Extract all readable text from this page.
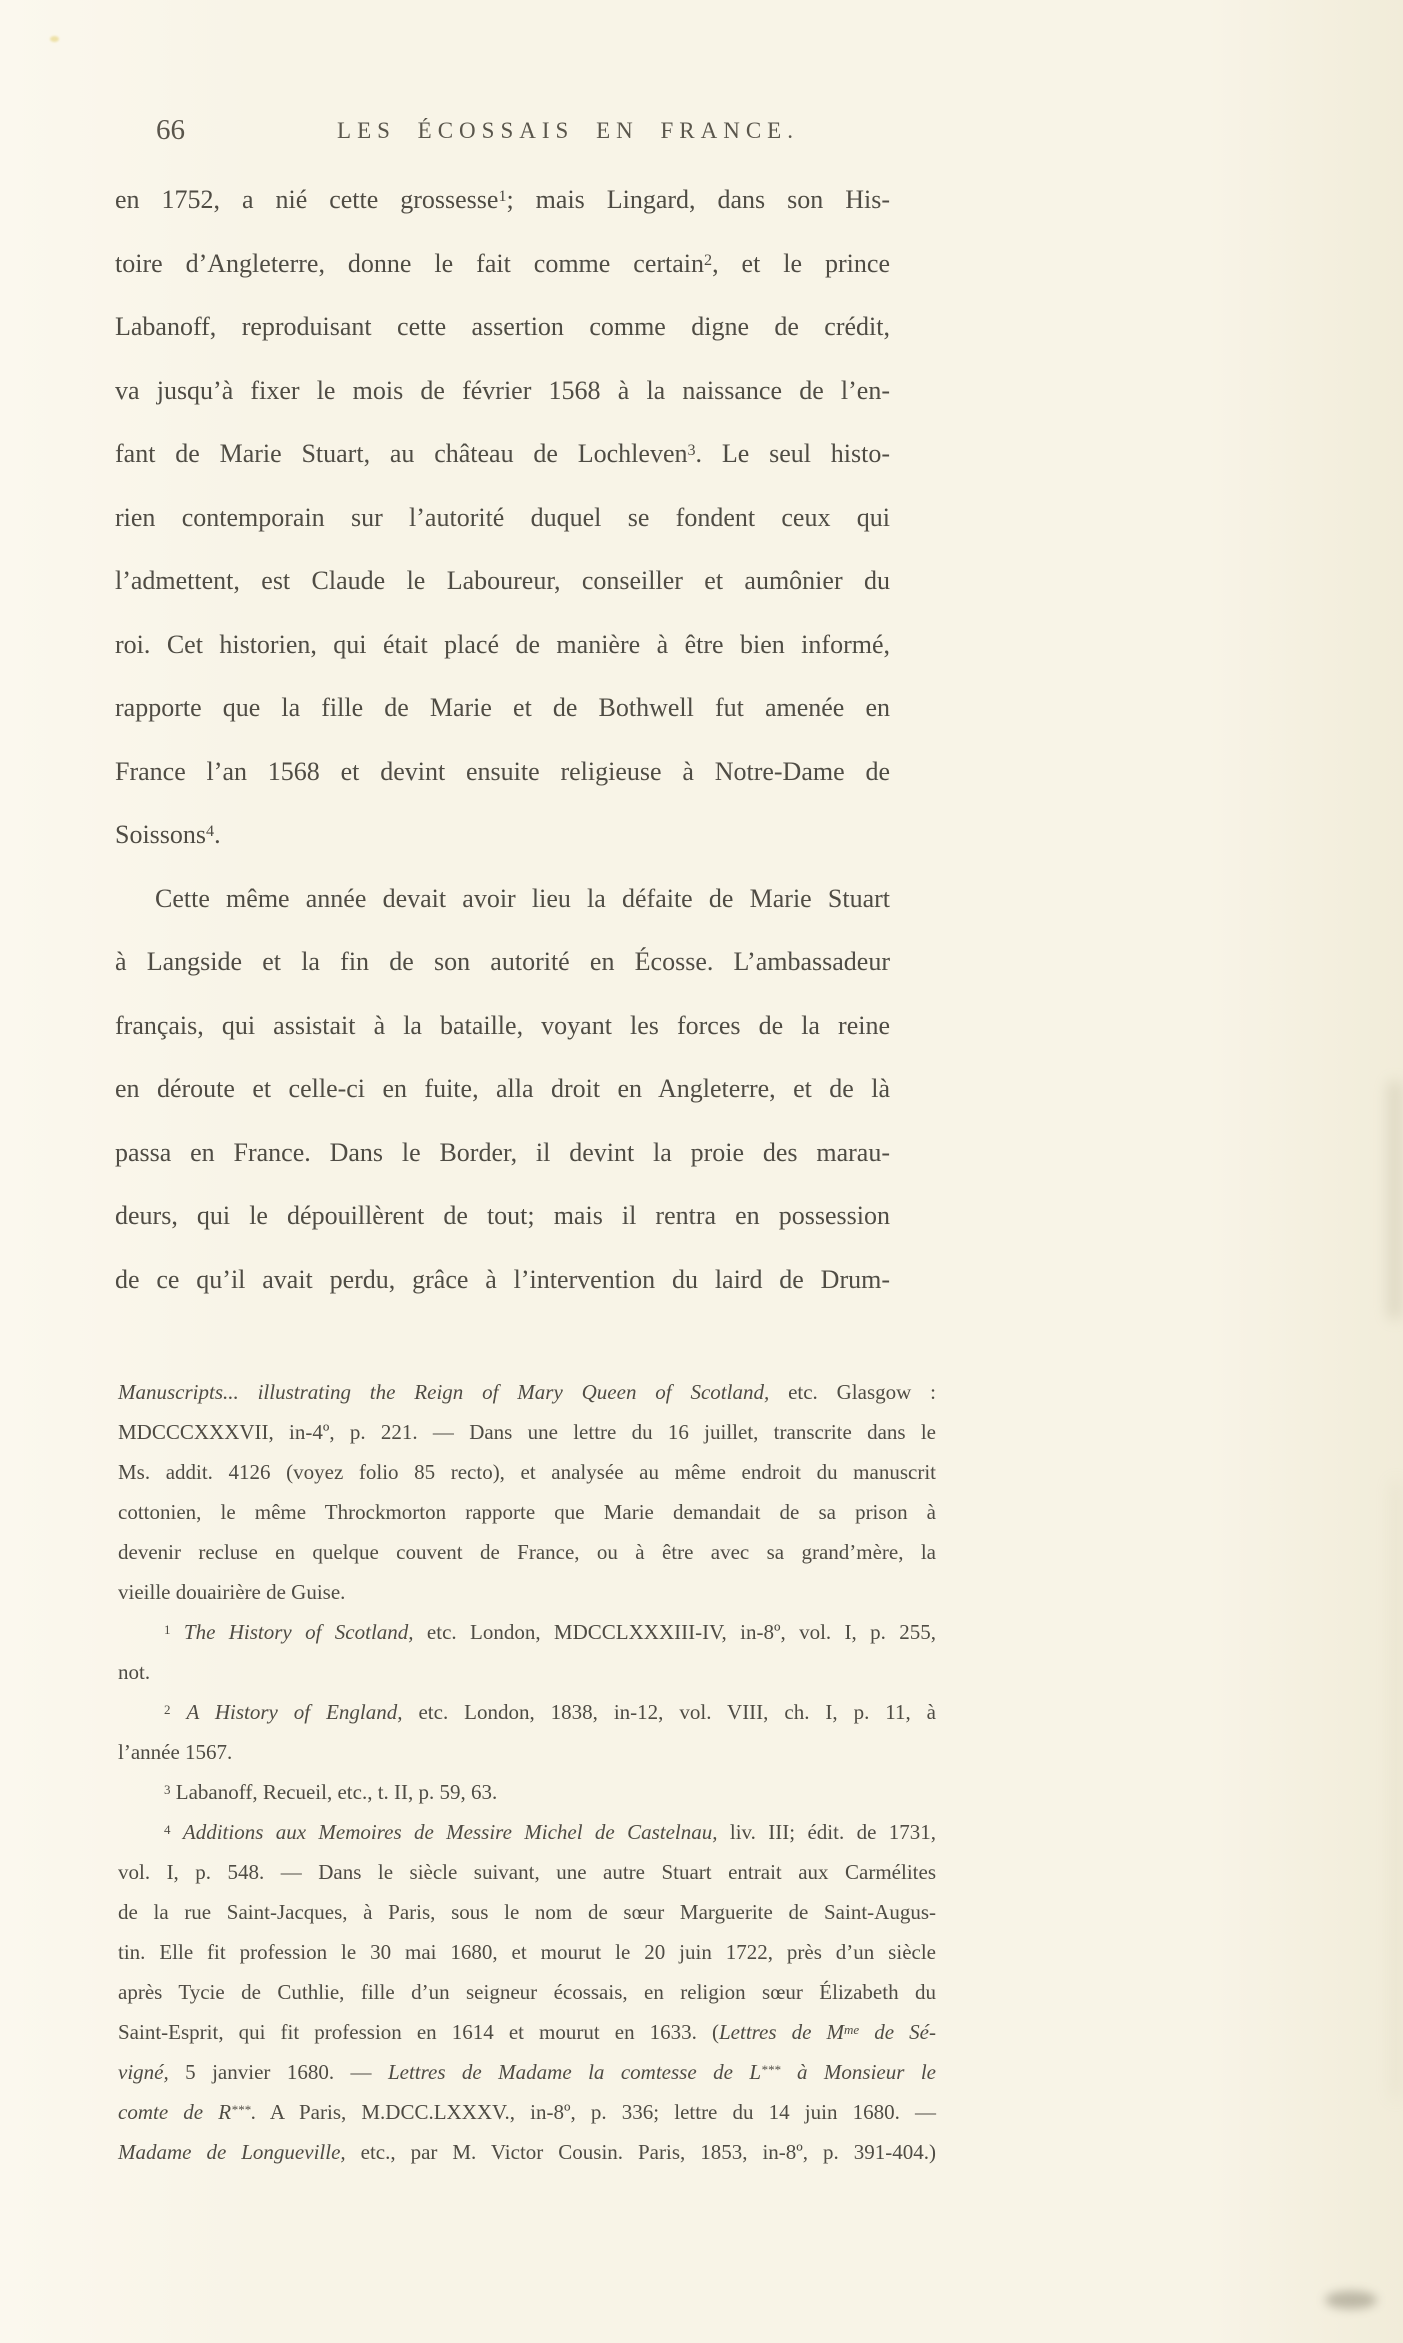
66	LES ÉCOSSAIS EN FRANCE.
en 1752, a nié cette grossesse$^1$; mais Lingard, dans son His-
toire d’Angleterre, donne le fait comme certain$^2$, et le prince
Labanoff, reproduisant cette assertion comme digne de crédit,
va jusqu’à fixer le mois de février 1568 à la naissance de l’en-
fant de Marie Stuart, au château de Lochleven$^3$. Le seul histo-
rien contemporain sur l’autorité duquel se fondent ceux qui
l’admettent, est Claude le Laboureur, conseiller et aumônier du
roi. Cet historien, qui était placé de manière à être bien informé,
rapporte que la fille de Marie et de Bothwell fut amenée en
France l’an 1568 et devint ensuite religieuse à Notre-Dame de
Soissons$^4$.
Cette même année devait avoir lieu la défaite de Marie Stuart
à Langside et la fin de son autorité en Écosse. L’ambassadeur
français, qui assistait à la bataille, voyant les forces de la reine
en déroute et celle-ci en fuite, alla droit en Angleterre, et de là
passa en France. Dans le Border, il devint la proie des marau-
deurs, qui le dépouillèrent de tout; mais il rentra en possession
de ce qu’il avait perdu, grâce à l’intervention du laird de Drum-
Manuscripts... illustrating the Reign of Mary Queen of Scotland, etc. Glasgow :
MDCCCXXXVII, in-4º, p. 221. — Dans une lettre du 16 juillet, transcrite dans le
Ms. addit. 4126 (voyez folio 85 recto), et analysée au même endroit du manuscrit
cottonien, le même Throckmorton rapporte que Marie demandait de sa prison à
devenir recluse en quelque couvent de France, ou à être avec sa grand’mère, la
vieille douairière de Guise.
$^1$ The History of Scotland, etc. London, MDCCLXXXIII-IV, in-8º, vol. I, p. 255,
not.
$^2$ A History of England, etc. London, 1838, in-12, vol. VIII, ch. I, p. 11, à
l’année 1567.
$^3$ Labanoff, Recueil, etc., t. II, p. 59, 63.
$^4$ Additions aux Memoires de Messire Michel de Castelnau, liv. III; édit. de 1731,
vol. I, p. 548. — Dans le siècle suivant, une autre Stuart entrait aux Carmélites
de la rue Saint-Jacques, à Paris, sous le nom de sœur Marguerite de Saint-Augus-
tin. Elle fit profession le 30 mai 1680, et mourut le 20 juin 1722, près d’un siècle
après Tycie de Cuthlie, fille d’un seigneur écossais, en religion sœur Élizabeth du
Saint-Esprit, qui fit profession en 1614 et mourut en 1633. (Lettres de $M^{me}$ de Sé-
vigné, 5 janvier 1680. — Lettres de Madame la comtesse de L*** à Monsieur le
comte de R***. A Paris, M.DCC.LXXXV., in-8º, p. 336; lettre du 14 juin 1680. —
Madame de Longueville, etc., par M. Victor Cousin. Paris, 1853, in-8º, p. 391-404.)
